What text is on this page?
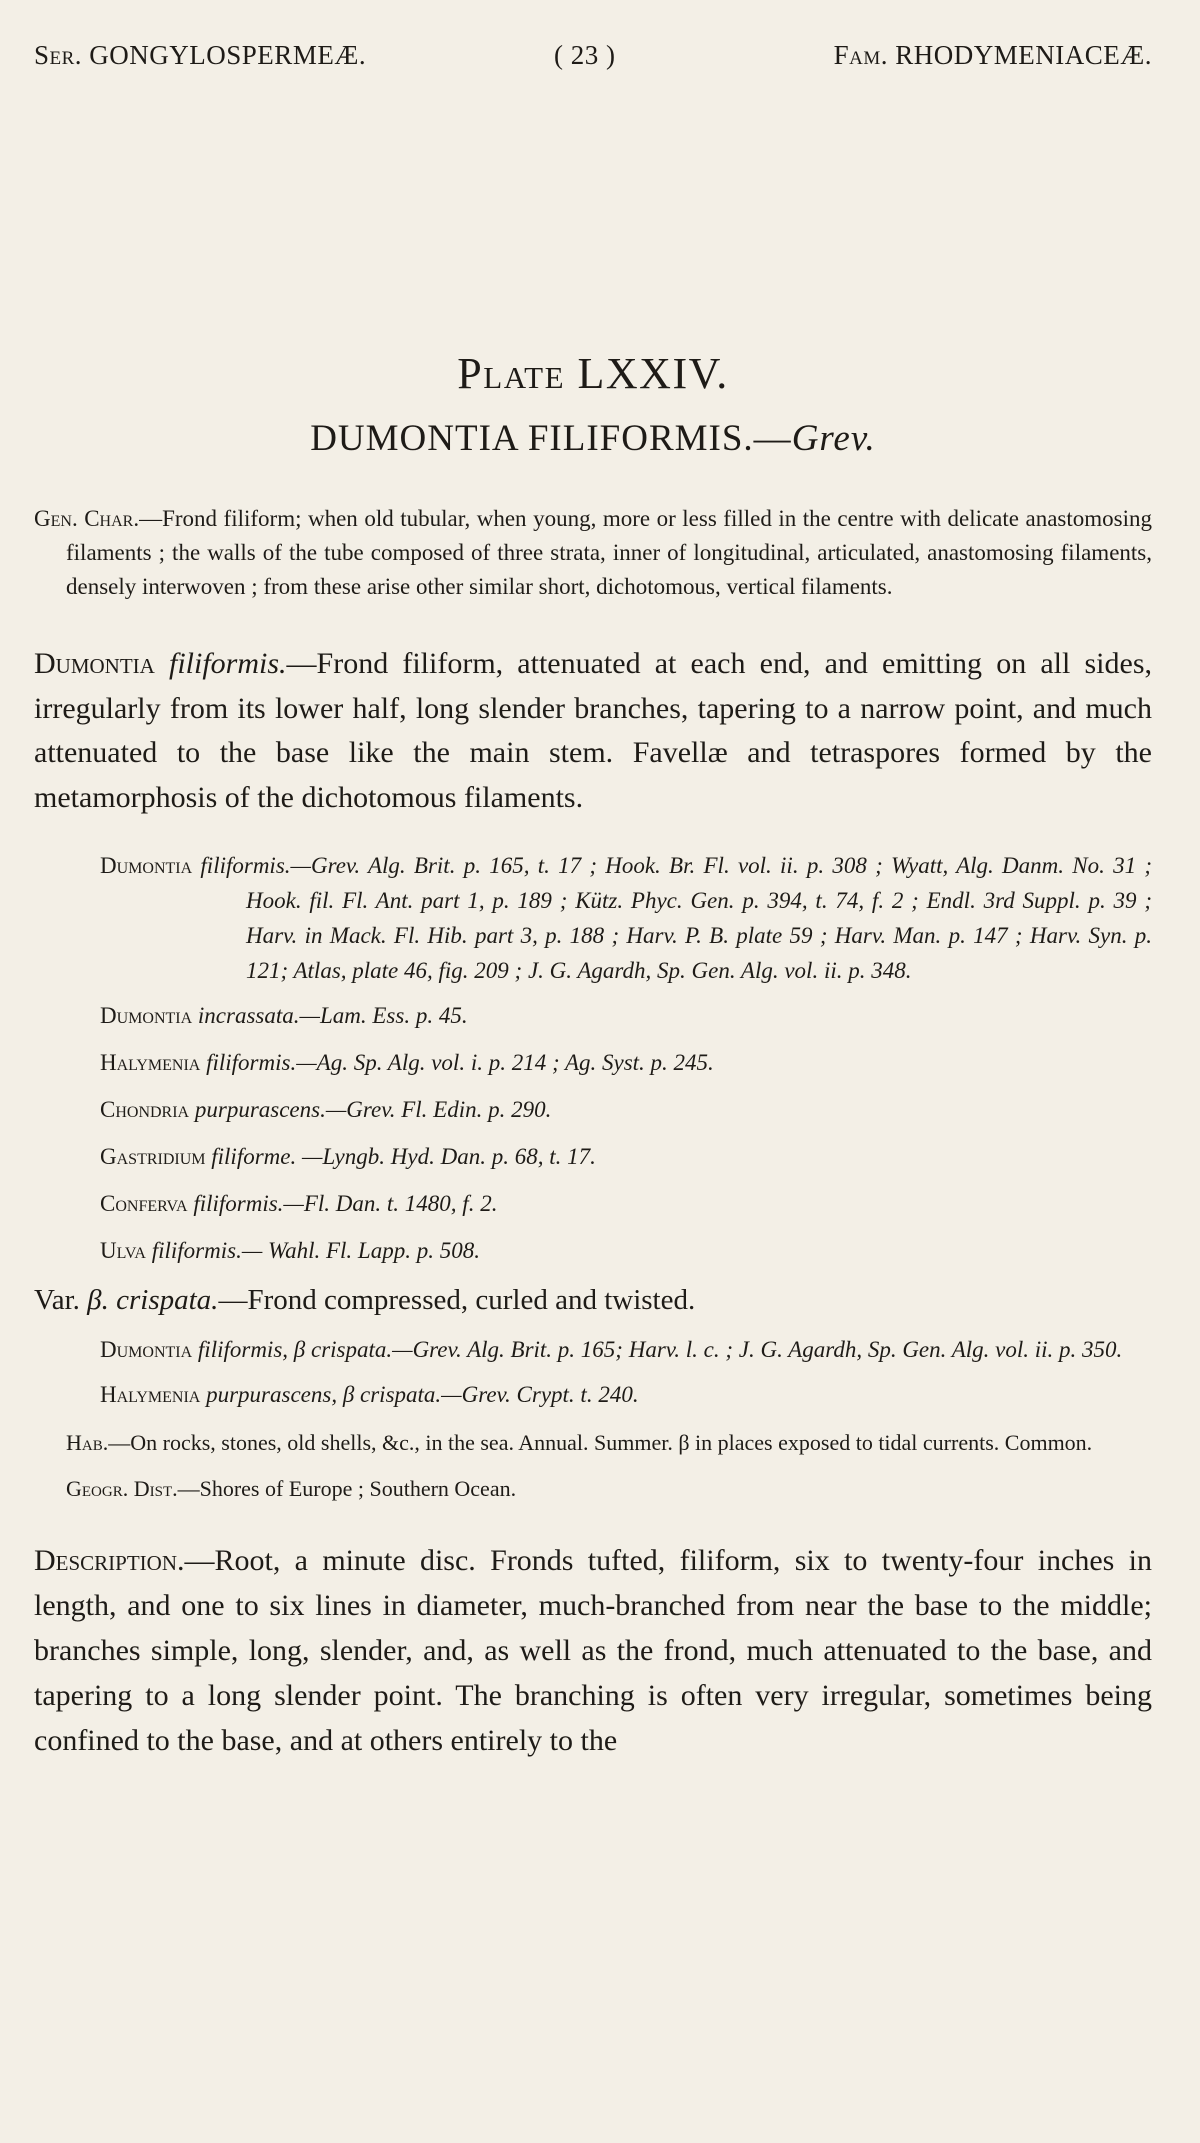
Ser. GONGYLOSPERMEÆ.	( 23 )	Fam. RHODYMENIACEÆ.
Plate LXXIV.
DUMONTIA FILIFORMIS.—Grev.
Gen. Char.—Frond filiform; when old tubular, when young, more or less filled in the centre with delicate anastomosing filaments ; the walls of the tube composed of three strata, inner of longitudinal, articulated, anastomosing filaments, densely interwoven ; from these arise other similar short, dichotomous, vertical filaments.
Dumontia filiformis.—Frond filiform, attenuated at each end, and emitting on all sides, irregularly from its lower half, long slender branches, tapering to a narrow point, and much attenuated to the base like the main stem. Favellæ and tetraspores formed by the metamorphosis of the dichotomous filaments.
Dumontia filiformis.—Grev. Alg. Brit. p. 165, t. 17 ; Hook. Br. Fl. vol. ii. p. 308 ; Wyatt, Alg. Danm. No. 31 ; Hook. fil. Fl. Ant. part 1, p. 189 ; Kütz. Phyc. Gen. p. 394, t. 74, f. 2 ; Endl. 3rd Suppl. p. 39 ; Harv. in Mack. Fl. Hib. part 3, p. 188 ; Harv. P. B. plate 59 ; Harv. Man. p. 147 ; Harv. Syn. p. 121; Atlas, plate 46, fig. 209 ; J. G. Agardh, Sp. Gen. Alg. vol. ii. p. 348.
Dumontia incrassata.—Lam. Ess. p. 45.
Halymenia filiformis.—Ag. Sp. Alg. vol. i. p. 214 ; Ag. Syst. p. 245.
Chondria purpurascens.—Grev. Fl. Edin. p. 290.
Gastridium filiforme. —Lyngb. Hyd. Dan. p. 68, t. 17.
Conferva filiformis.—Fl. Dan. t. 1480, f. 2.
Ulva filiformis.— Wahl. Fl. Lapp. p. 508.
Var. β. crispata.—Frond compressed, curled and twisted.
Dumontia filiformis, β crispata.—Grev. Alg. Brit. p. 165; Harv. l. c. ; J. G. Agardh, Sp. Gen. Alg. vol. ii. p. 350.
Halymenia purpurascens, β crispata.—Grev. Crypt. t. 240.
Hab.—On rocks, stones, old shells, &c., in the sea. Annual. Summer. β in places exposed to tidal currents. Common.
Geogr. Dist.—Shores of Europe ; Southern Ocean.
Description.—Root, a minute disc. Fronds tufted, filiform, six to twenty-four inches in length, and one to six lines in diameter, much-branched from near the base to the middle; branches simple, long, slender, and, as well as the frond, much attenuated to the base, and tapering to a long slender point. The branching is often very irregular, sometimes being confined to the base, and at others entirely to the
